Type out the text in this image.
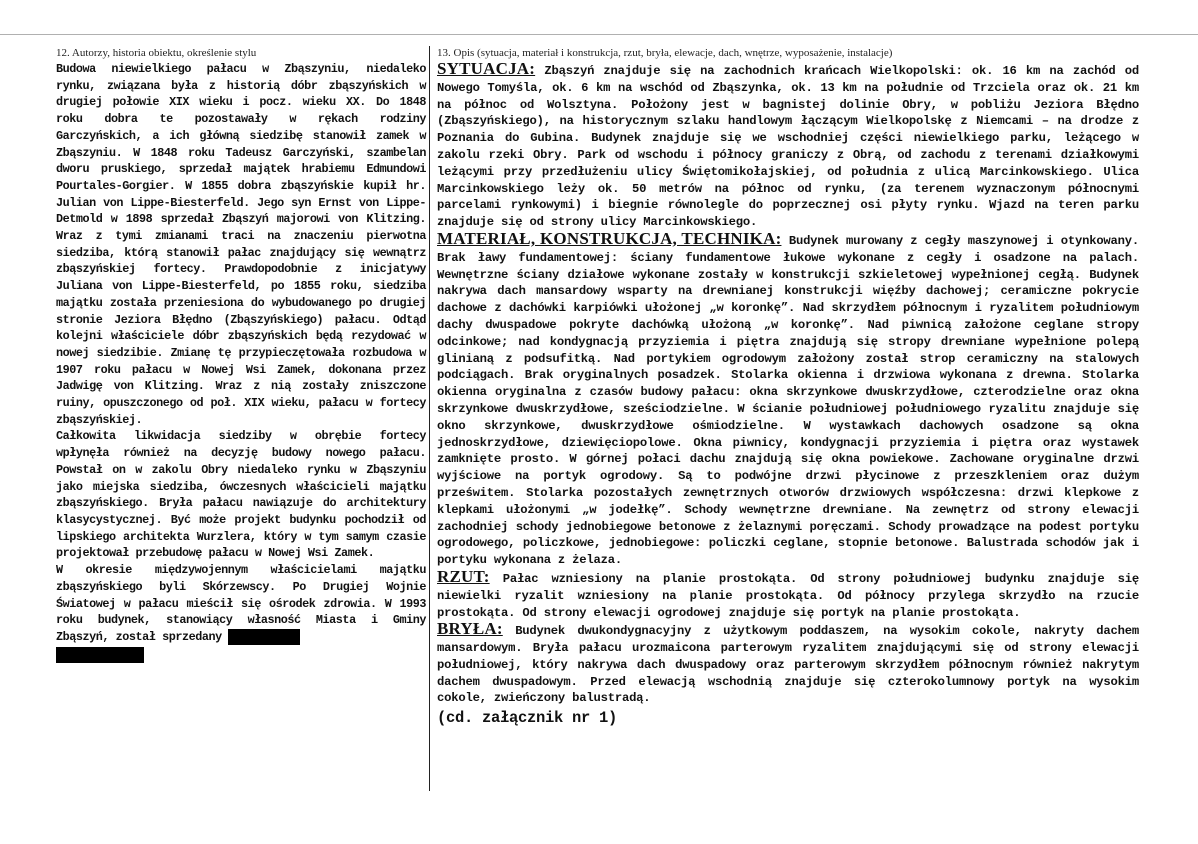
12. Autorzy, historia obiektu, określenie stylu

Budowa niewielkiego pałacu w Zbąszyniu, niedaleko rynku, związana była z historią dóbr zbąszyńskich w drugiej połowie XIX wieku i pocz. wieku XX. Do 1848 roku dobra te pozostawały w rękach rodziny Garczyńskich, a ich główną siedzibę stanowił zamek w Zbąszyniu. W 1848 roku Tadeusz Garczyński, szambelan dworu pruskiego, sprzedał majątek hrabiemu Edmundowi Pourtales-Gorgier. W 1855 dobra zbąszyńskie kupił hr. Julian von Lippe-Biesterfeld. Jego syn Ernst von Lippe-Detmold w 1898 sprzedał Zbąszyń majorowi von Klitzing. Wraz z tymi zmianami traci na znaczeniu pierwotna siedziba, którą stanowił pałac znajdujący się wewnątrz zbąszyńskiej fortecy. Prawdopodobnie z inicjatywy Juliana von Lippe-Biesterfeld, po 1855 roku, siedziba majątku została przeniesiona do wybudowanego po drugiej stronie Jeziora Błędno (Zbąszyńskiego) pałacu. Odtąd kolejni właściciele dóbr zbąszyńskich będą rezydować w nowej siedzibie. Zmianę tę przypieczętowała rozbudowa w 1907 roku pałacu w Nowej Wsi Zamek, dokonana przez Jadwigę von Klitzing. Wraz z nią zostały zniszczone ruiny, opuszczonego od poł. XIX wieku, pałacu w fortecy zbąszyńskiej.

Całkowita likwidacja siedziby w obrębie fortecy wpłynęła również na decyzję budowy nowego pałacu. Powstał on w zakolu Obry niedaleko rynku w Zbąszyniu jako miejska siedziba, ówczesnych właścicieli majątku zbąszyńskiego. Bryła pałacu nawiązuje do architektury klasycystycznej. Być może projekt budynku pochodził od lipskiego architekta Wurzlera, który w tym samym czasie projektował przebudowę pałacu w Nowej Wsi Zamek.

W okresie międzywojennym właścicielami majątku zbąszyńskiego byli Skórzewscy. Po Drugiej Wojnie Światowej w pałacu mieścił się ośrodek zdrowia. W 1993 roku budynek, stanowiący własność Miasta i Gminy Zbąszyń, został sprzedany

13. Opis (sytuacja, materiał i konstrukcja, rzut, bryła, elewacje, dach, wnętrze, wyposażenie, instalacje)

SYTUACJA: Zbąszyń znajduje się na zachodnich krańcach Wielkopolski: ok. 16 km na zachód od Nowego Tomyśla, ok. 6 km na wschód od Zbąszynka, ok. 13 km na południe od Trzciela oraz ok. 21 km na północ od Wolsztyna. Położony jest w bagnistej dolinie Obry, w pobliżu Jeziora Błędno (Zbąszyńskiego), na historycznym szlaku handlowym łączącym Wielkopolskę z Niemcami – na drodze z Poznania do Gubina. Budynek znajduje się we wschodniej części niewielkiego parku, leżącego w zakolu rzeki Obry. Park od wschodu i północy graniczy z Obrą, od zachodu z terenami działkowymi leżącymi przy przedłużeniu ulicy Świętomikołajskiej, od południa z ulicą Marcinkowskiego. Ulica Marcinkowskiego leży ok. 50 metrów na północ od rynku, (za terenem wyznaczonym północnymi parcelami rynkowymi) i biegnie równolegle do poprzecznej osi płyty rynku. Wjazd na teren parku znajduje się od strony ulicy Marcinkowskiego.

MATERIAŁ, KONSTRUKCJA, TECHNIKA: Budynek murowany z cegły maszynowej i otynkowany. Brak ławy fundamentowej: ściany fundamentowe łukowe wykonane z cegły i osadzone na palach. Wewnętrzne ściany działowe wykonane zostały w konstrukcji szkieletowej wypełnionej cegłą. Budynek nakrywa dach mansardowy wsparty na drewnianej konstrukcji więźby dachowej; ceramiczne pokrycie dachowe z dachówki karpiówki ułożonej „w koronkę”. Nad skrzydłem północnym i ryzalitem południowym dachy dwuspadowe pokryte dachówką ułożoną „w koronkę”. Nad piwnicą założone ceglane stropy odcinkowe; nad kondygnacją przyziemia i piętra znajdują się stropy drewniane wypełnione polepą glinianą z podsufitką. Nad portykiem ogrodowym założony został strop ceramiczny na stalowych podciągach. Brak oryginalnych posadzek. Stolarka okienna i drzwiowa wykonana z drewna. Stolarka okienna oryginalna z czasów budowy pałacu: okna skrzynkowe dwuskrzydłowe, czterodzielne oraz okna skrzynkowe dwuskrzydłowe, sześciodzielne. W ścianie południowej południowego ryzalitu znajduje się okno skrzynkowe, dwuskrzydłowe ośmiodzielne. W wystawkach dachowych osadzone są okna jednoskrzydłowe, dziewięciopolowe. Okna piwnicy, kondygnacji przyziemia i piętra oraz wystawek zamknięte prosto. W górnej połaci dachu znajdują się okna powiekowe. Zachowane oryginalne drzwi wyjściowe na portyk ogrodowy. Są to podwójne drzwi płycinowe z przeszkleniem oraz dużym prześwitem. Stolarka pozostałych zewnętrznych otworów drzwiowych współczesna: drzwi klepkowe z klepkami ułożonymi „w jodełkę”. Schody wewnętrzne drewniane. Na zewnętrz od strony elewacji zachodniej schody jednobiegowe betonowe z żelaznymi poręczami. Schody prowadzące na podest portyku ogrodowego, policzkowe, jednobiegowe: policzki ceglane, stopnie betonowe. Balustrada schodów jak i portyku wykonana z żelaza.

RZUT: Pałac wzniesiony na planie prostokąta. Od strony południowej budynku znajduje się niewielki ryzalit wzniesiony na planie prostokąta. Od północy przylega skrzydło na rzucie prostokąta. Od strony elewacji ogrodowej znajduje się portyk na planie prostokąta.

BRYŁA: Budynek dwukondygnacyjny z użytkowym poddaszem, na wysokim cokole, nakryty dachem mansardowym. Bryła pałacu urozmaicona parterowym ryzalitem znajdującymi się od strony elewacji południowej, który nakrywa dach dwuspadowy oraz parterowym skrzydłem północnym również nakrytym dachem dwuspadowym. Przed elewacją wschodnią znajduje się czterokolumnowy portyk na wysokim cokole, zwieńczony balustradą.

(cd. załącznik nr 1)
